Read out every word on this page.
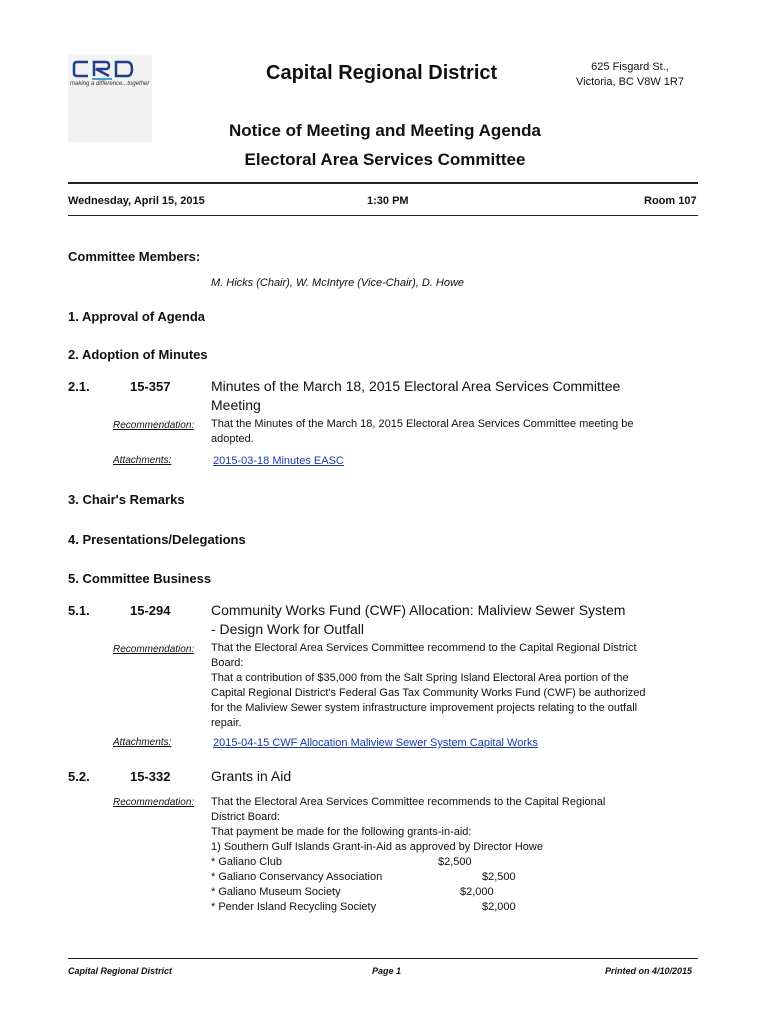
making a difference...together	Capital Regional District	625 Fisgard St.,
Victoria, BC V8W 1R7
Notice of Meeting and Meeting Agenda
Electoral Area Services Committee
Wednesday, April 15, 2015	1:30 PM	Room 107
Committee Members:
M. Hicks (Chair), W. McIntyre (Vice-Chair), D. Howe
1. Approval of Agenda
2. Adoption of Minutes
2.1.	15-357	Minutes of the March 18, 2015 Electoral Area Services Committee Meeting
Recommendation: That the Minutes of the March 18, 2015 Electoral Area Services Committee meeting be adopted.
Attachments:	2015-03-18 Minutes EASC
3. Chair's Remarks
4. Presentations/Delegations
5. Committee Business
5.1.	15-294	Community Works Fund (CWF) Allocation: Maliview Sewer System - Design Work for Outfall
Recommendation: That the Electoral Area Services Committee recommend to the Capital Regional District Board:
That a contribution of $35,000 from the Salt Spring Island Electoral Area portion of the Capital Regional District's Federal Gas Tax Community Works Fund (CWF) be authorized for the Maliview Sewer system infrastructure improvement projects relating to the outfall repair.
Attachments:	2015-04-15 CWF Allocation Maliview Sewer System Capital Works
5.2.	15-332	Grants in Aid
Recommendation: That the Electoral Area Services Committee recommends to the Capital Regional District Board:
That payment be made for the following grants-in-aid:
1) Southern Gulf Islands Grant-in-Aid as approved by Director Howe
* Galiano Club	$2,500
* Galiano Conservancy Association	$2,500
* Galiano Museum Society	$2,000
* Pender Island Recycling Society	$2,000
Capital Regional District	Page 1	Printed on 4/10/2015
